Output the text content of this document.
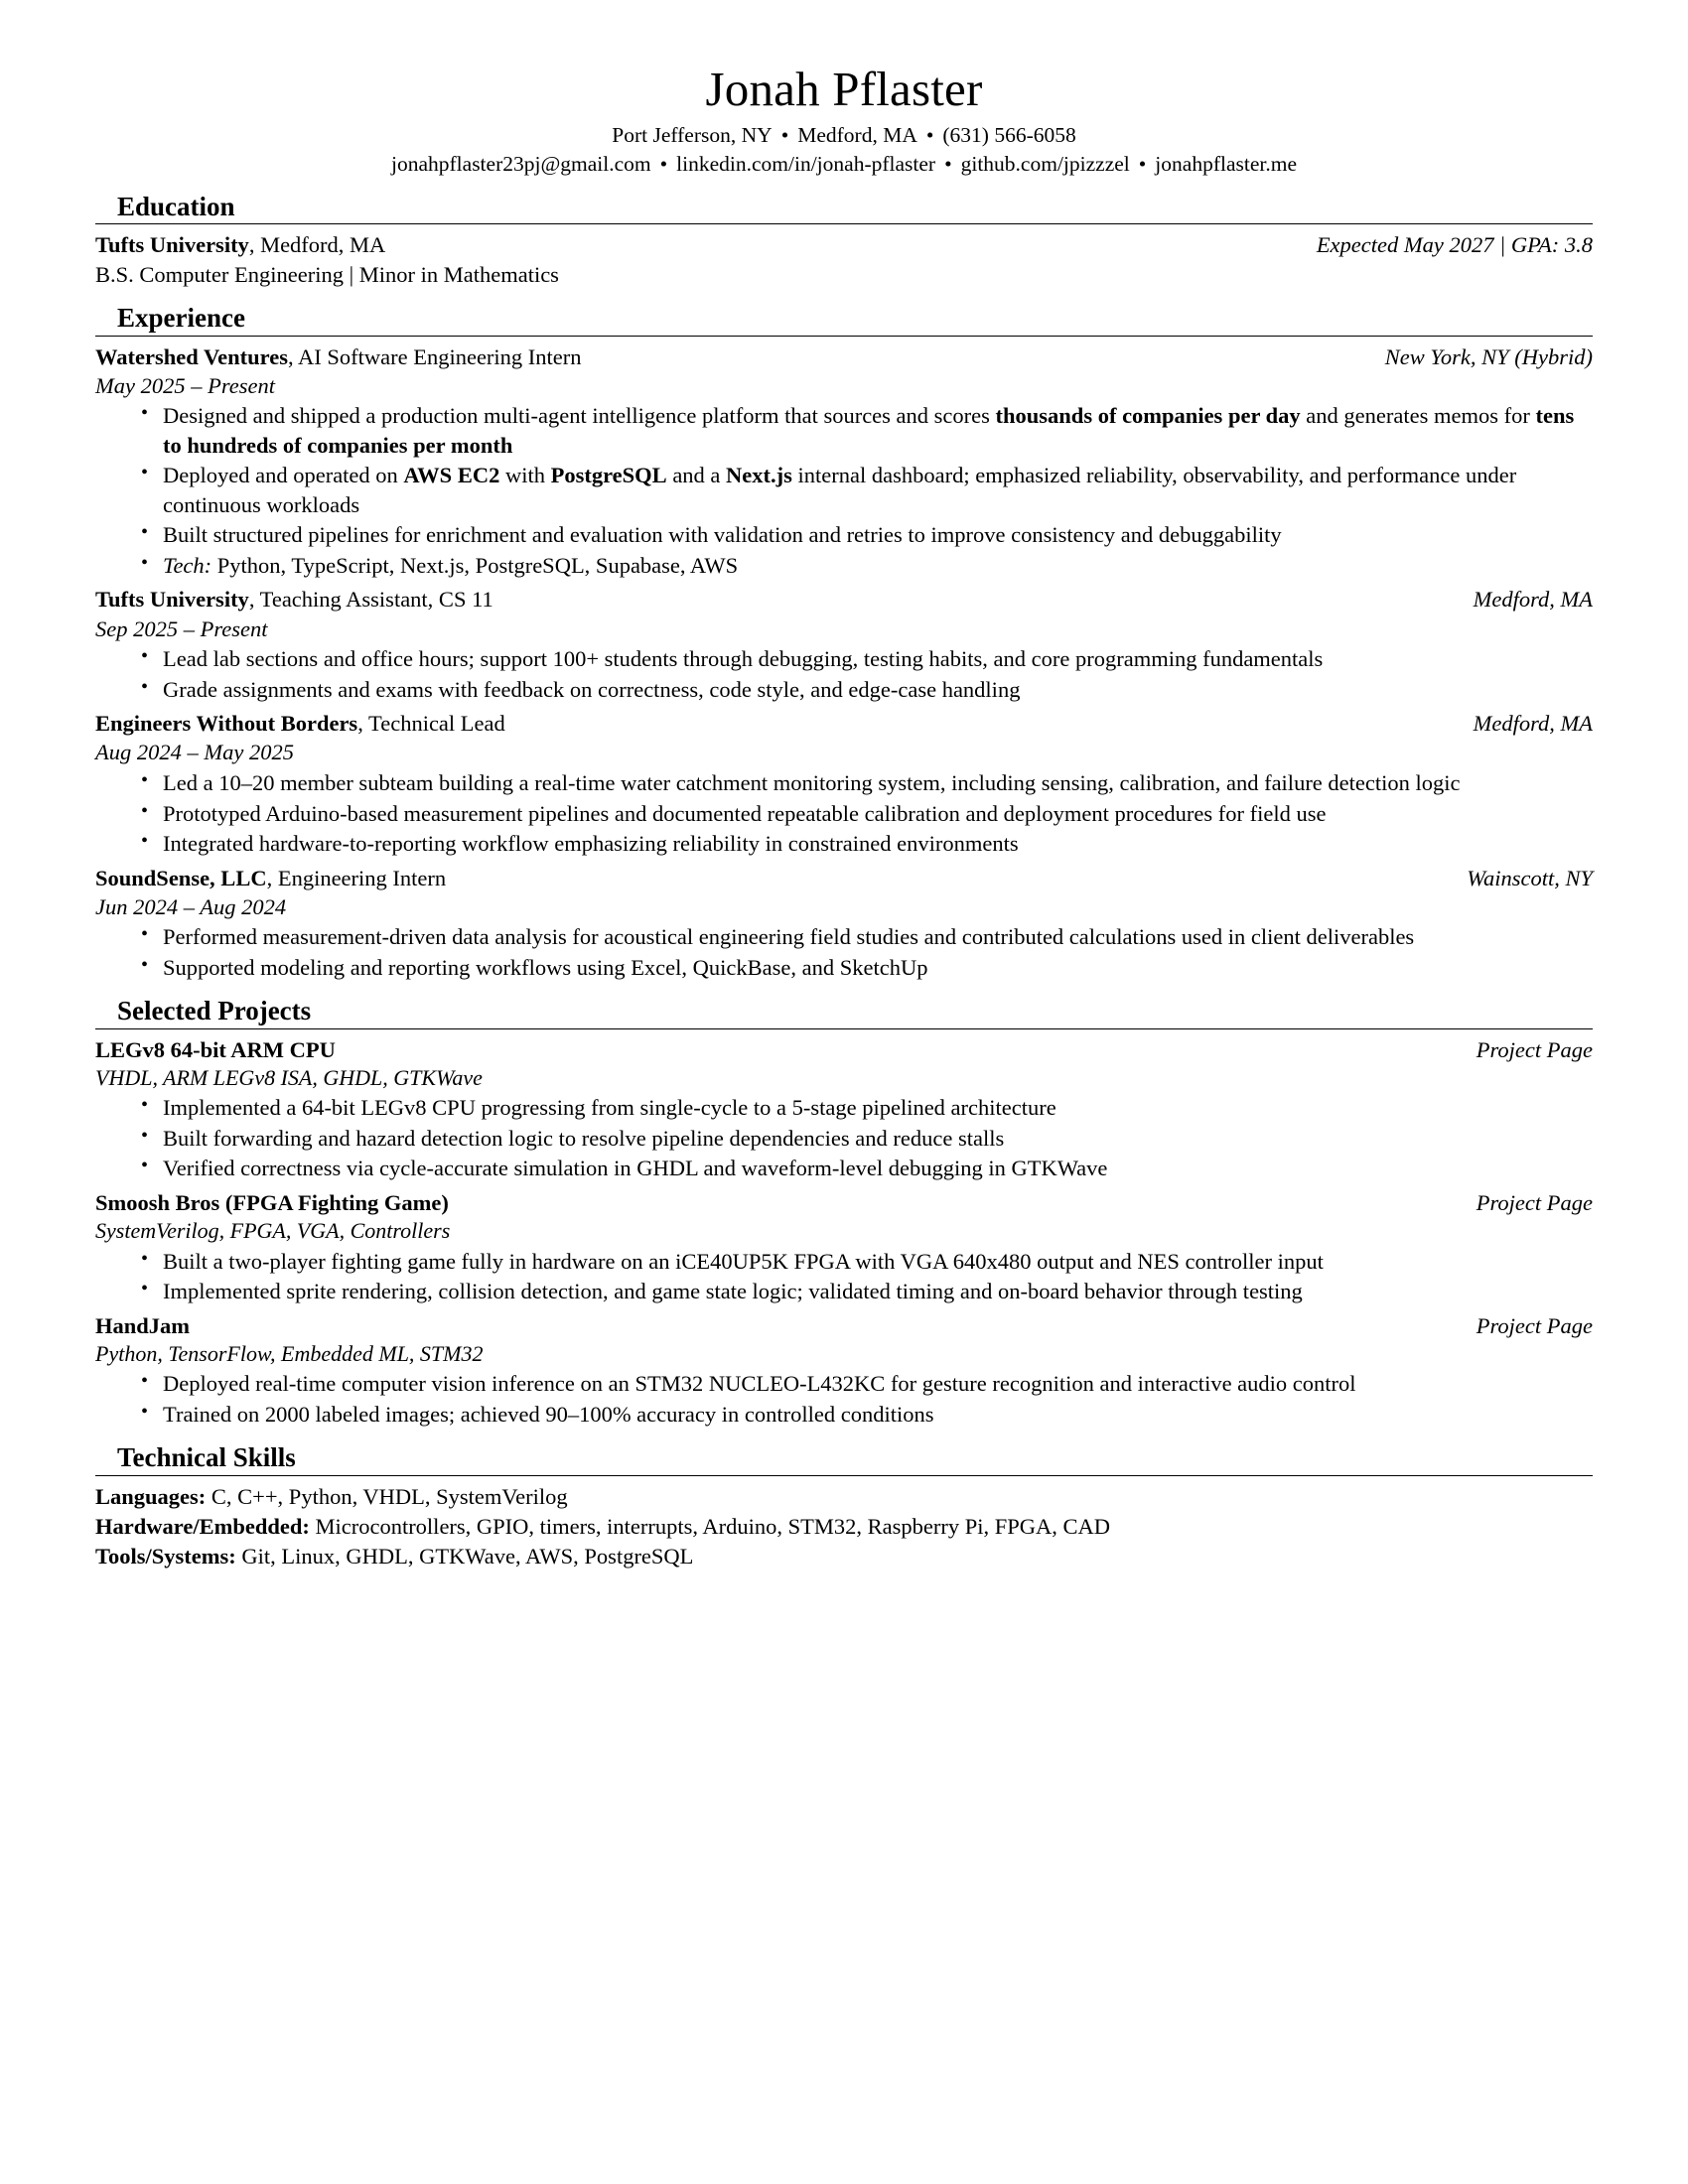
Jonah Pflaster
Port Jefferson, NY • Medford, MA • (631) 566-6058
jonahpflaster23pj@gmail.com • linkedin.com/in/jonah-pflaster • github.com/jpizzzel • jonahpflaster.me
Education
Tufts University, Medford, MA	Expected May 2027 | GPA: 3.8
B.S. Computer Engineering | Minor in Mathematics
Experience
Watershed Ventures, AI Software Engineering Intern	New York, NY (Hybrid)
May 2025 – Present
• Designed and shipped a production multi-agent intelligence platform that sources and scores thousands of companies per day and generates memos for tens to hundreds of companies per month
• Deployed and operated on AWS EC2 with PostgreSQL and a Next.js internal dashboard; emphasized reliability, observability, and performance under continuous workloads
• Built structured pipelines for enrichment and evaluation with validation and retries to improve consistency and debuggability
• Tech: Python, TypeScript, Next.js, PostgreSQL, Supabase, AWS
Tufts University, Teaching Assistant, CS 11	Medford, MA
Sep 2025 – Present
• Lead lab sections and office hours; support 100+ students through debugging, testing habits, and core programming fundamentals
• Grade assignments and exams with feedback on correctness, code style, and edge-case handling
Engineers Without Borders, Technical Lead	Medford, MA
Aug 2024 – May 2025
• Led a 10–20 member subteam building a real-time water catchment monitoring system, including sensing, calibration, and failure detection logic
• Prototyped Arduino-based measurement pipelines and documented repeatable calibration and deployment procedures for field use
• Integrated hardware-to-reporting workflow emphasizing reliability in constrained environments
SoundSense, LLC, Engineering Intern	Wainscott, NY
Jun 2024 – Aug 2024
• Performed measurement-driven data analysis for acoustical engineering field studies and contributed calculations used in client deliverables
• Supported modeling and reporting workflows using Excel, QuickBase, and SketchUp
Selected Projects
LEGv8 64-bit ARM CPU	Project Page
VHDL, ARM LEGv8 ISA, GHDL, GTKWave
• Implemented a 64-bit LEGv8 CPU progressing from single-cycle to a 5-stage pipelined architecture
• Built forwarding and hazard detection logic to resolve pipeline dependencies and reduce stalls
• Verified correctness via cycle-accurate simulation in GHDL and waveform-level debugging in GTKWave
Smoosh Bros (FPGA Fighting Game)	Project Page
SystemVerilog, FPGA, VGA, Controllers
• Built a two-player fighting game fully in hardware on an iCE40UP5K FPGA with VGA 640x480 output and NES controller input
• Implemented sprite rendering, collision detection, and game state logic; validated timing and on-board behavior through testing
HandJam	Project Page
Python, TensorFlow, Embedded ML, STM32
• Deployed real-time computer vision inference on an STM32 NUCLEO-L432KC for gesture recognition and interactive audio control
• Trained on 2000 labeled images; achieved 90–100% accuracy in controlled conditions
Technical Skills
Languages: C, C++, Python, VHDL, SystemVerilog
Hardware/Embedded: Microcontrollers, GPIO, timers, interrupts, Arduino, STM32, Raspberry Pi, FPGA, CAD
Tools/Systems: Git, Linux, GHDL, GTKWave, AWS, PostgreSQL
